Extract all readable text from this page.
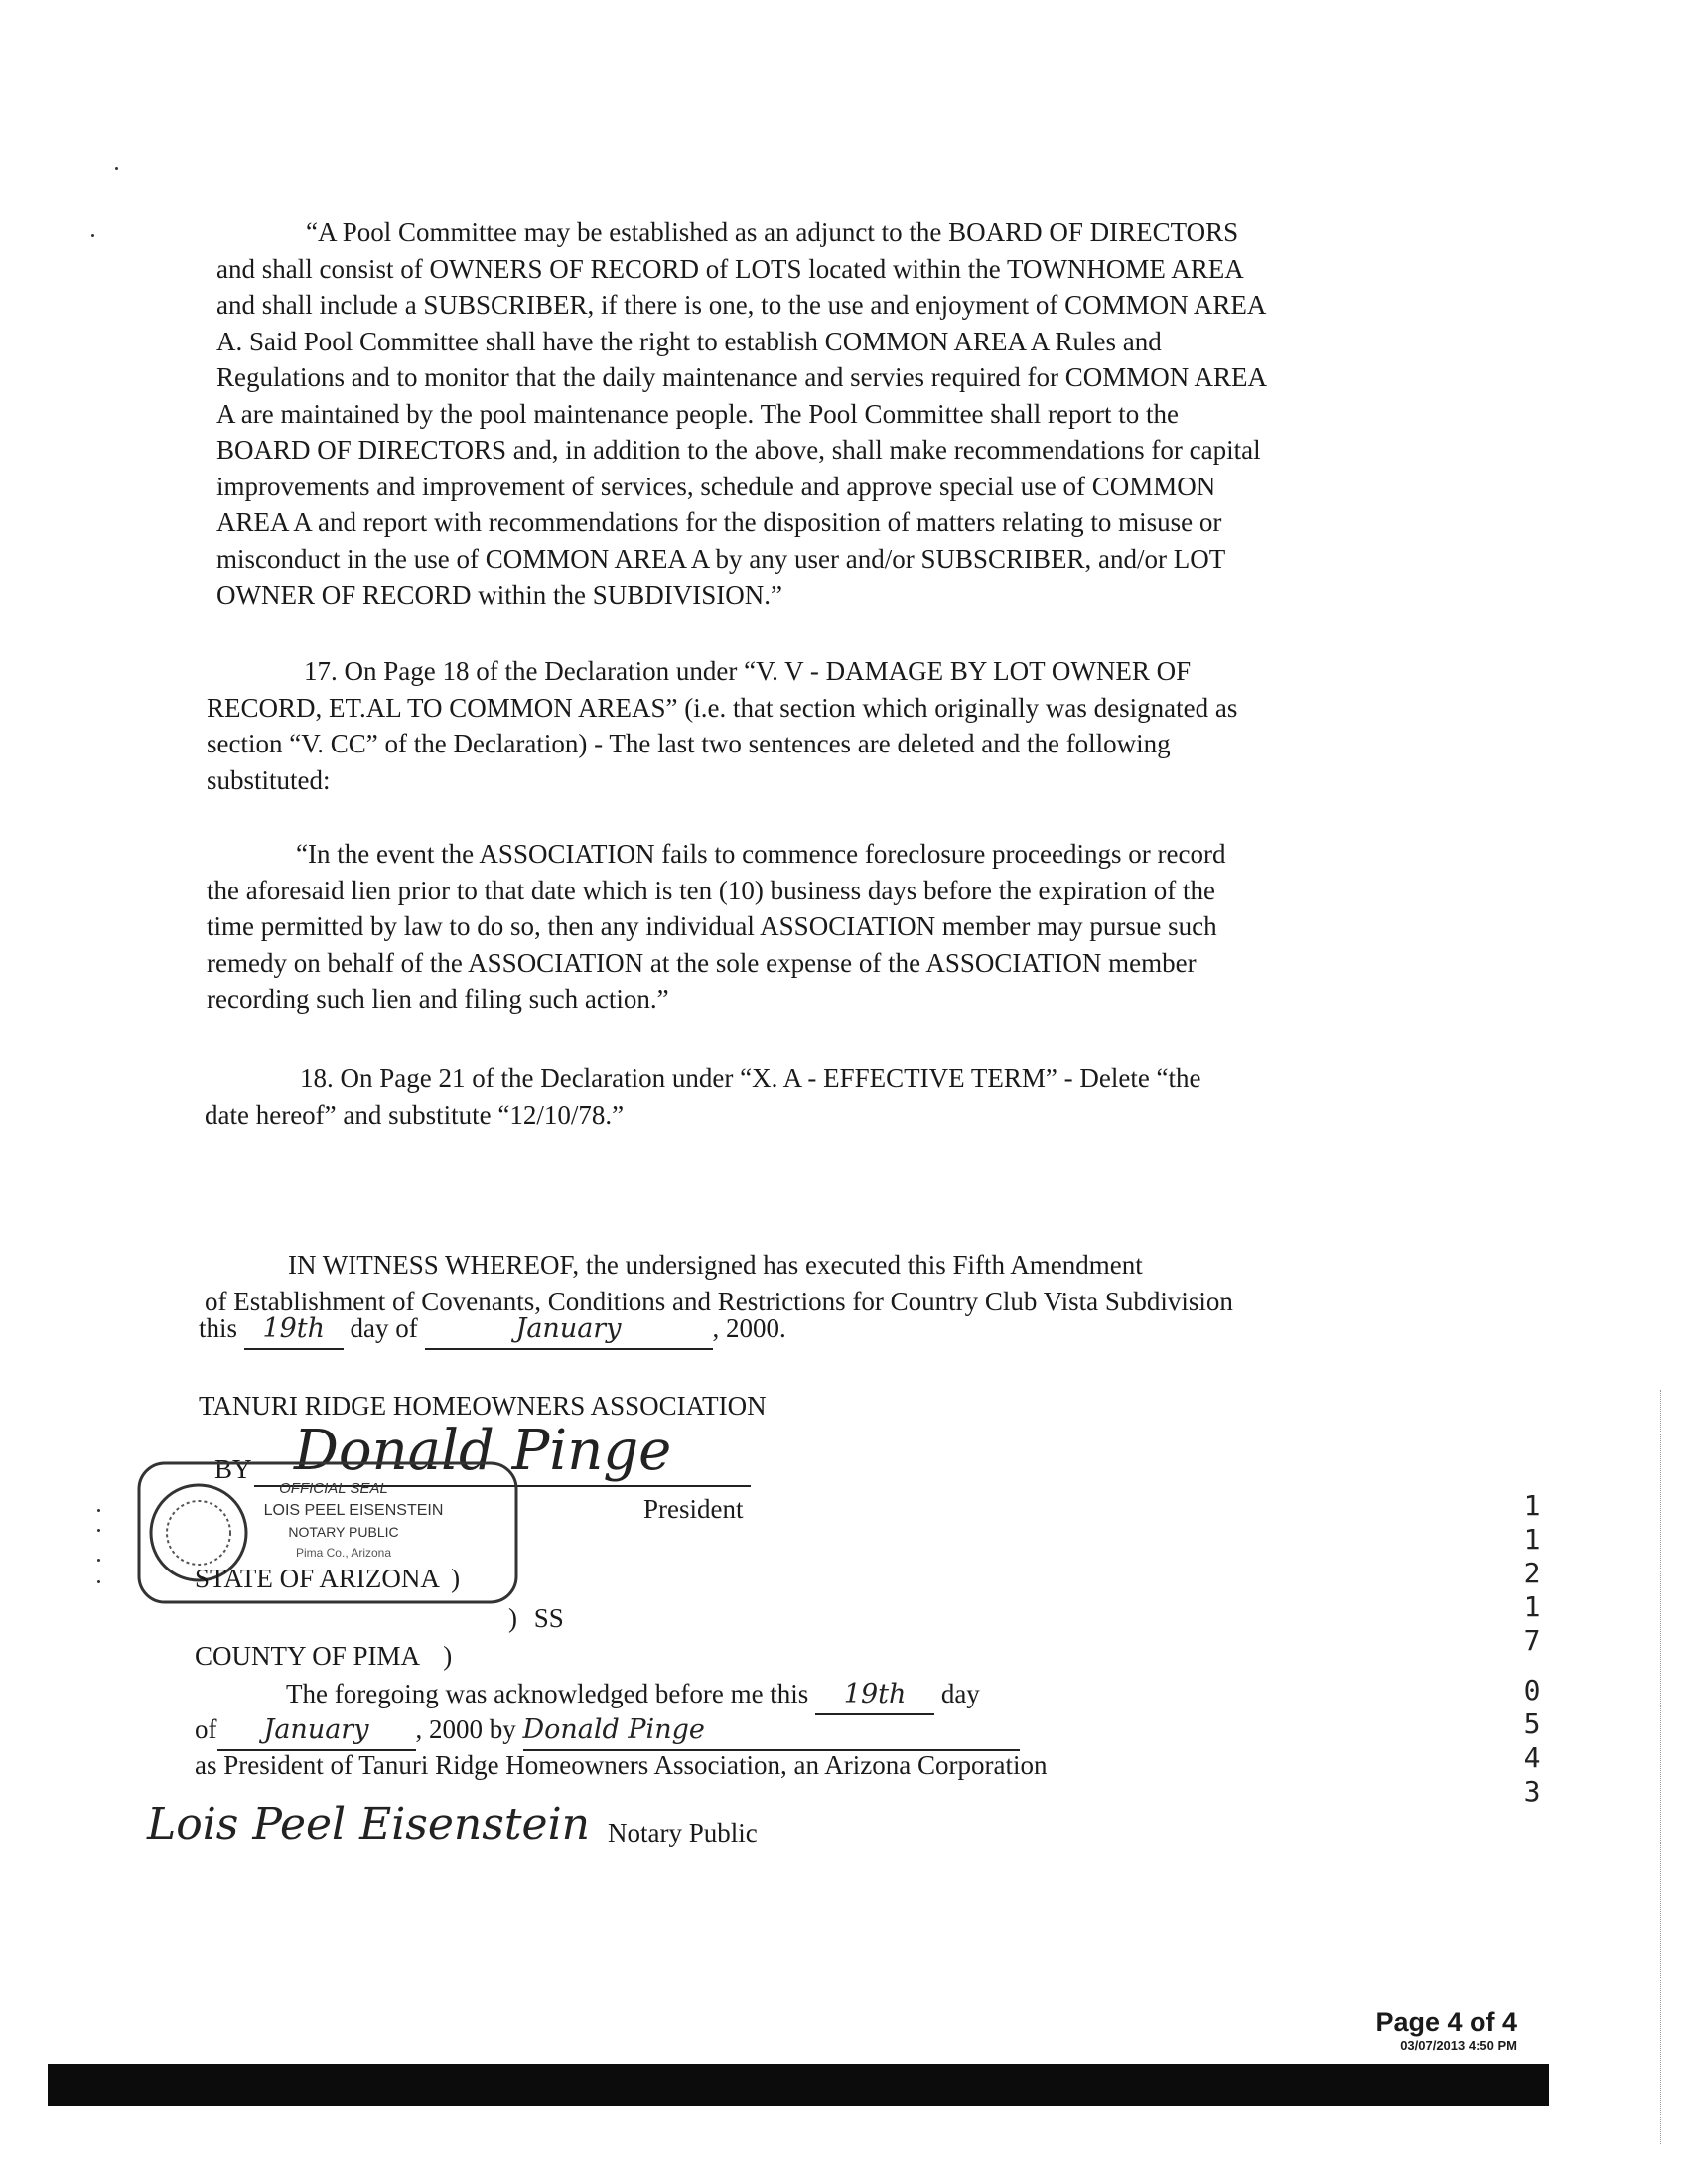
“A Pool Committee may be established as an adjunct to the BOARD OF DIRECTORS
and shall consist of OWNERS OF RECORD of LOTS located within the TOWNHOME AREA
and shall include a SUBSCRIBER, if there is one, to the use and enjoyment of COMMON AREA
A. Said Pool Committee shall have the right to establish COMMON AREA A Rules and
Regulations and to monitor that the daily maintenance and servies required for COMMON AREA
A are maintained by the pool maintenance people. The Pool Committee shall report to the
BOARD OF DIRECTORS and, in addition to the above, shall make recommendations for capital
improvements and improvement of services, schedule and approve special use of COMMON
AREA A and report with recommendations for the disposition of matters relating to misuse or
misconduct in the use of COMMON AREA A by any user and/or SUBSCRIBER, and/or LOT
OWNER OF RECORD within the SUBDIVISION.”
17. On Page 18 of the Declaration under “V. V - DAMAGE BY LOT OWNER OF
RECORD, ET.AL TO COMMON AREAS” (i.e. that section which originally was designated as
section “V. CC” of the Declaration) - The last two sentences are deleted and the following
substituted:
“In the event the ASSOCIATION fails to commence foreclosure proceedings or record
the aforesaid lien prior to that date which is ten (10) business days before the expiration of the
time permitted by law to do so, then any individual ASSOCIATION member may pursue such
remedy on behalf of the ASSOCIATION at the sole expense of the ASSOCIATION member
recording such lien and filing such action.”
18. On Page 21 of the Declaration under “X. A - EFFECTIVE TERM” - Delete “the
date hereof” and substitute “12/10/78.”
IN WITNESS WHEREOF, the undersigned has executed this Fifth Amendment
of Establishment of Covenants, Conditions and Restrictions for Country Club Vista Subdivision
this 19th day of	January	, 2000.
TANURI RIDGE HOMEOWNERS ASSOCIATION
BY Donald Pinge
President
OFFICIAL SEAL
LOIS PEEL EISENSTEIN
NOTARY PUBLIC
Pima Co., Arizona
STATE OF ARIZONA )
) SS
COUNTY OF PIMA )
The foregoing was acknowledged before me this 19th day
of January , 2000 by Donald Pinge
as President of Tanuri Ridge Homeowners Association, an Arizona Corporation
Lois Peel Eisenstein Notary Public
1
1
2
1
7
0
5
4
3
Page 4 of 4
03/07/2013 4:50 PM
